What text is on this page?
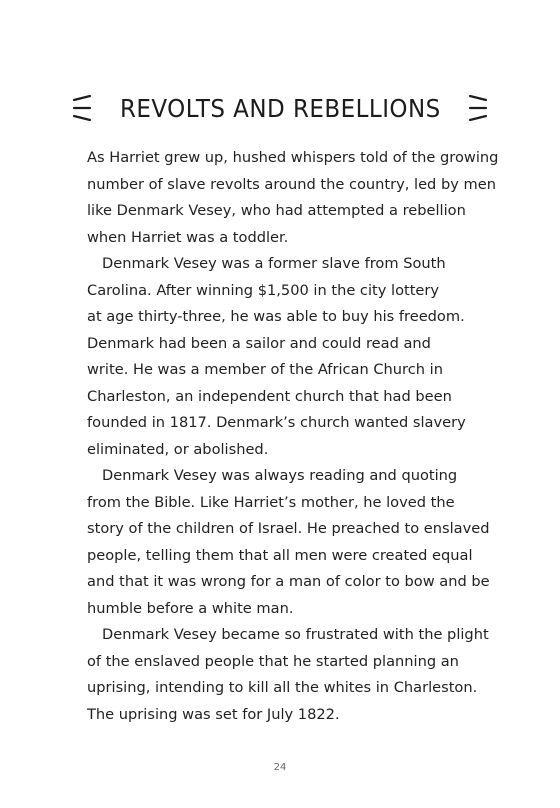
REVOLTS AND REBELLIONS

As Harriet grew up, hushed whispers told of the growing
number of slave revolts around the country, led by men
like Denmark Vesey, who had attempted a rebellion
when Harriet was a toddler.

Denmark Vesey was a former slave from South
Carolina. After winning $1,500 in the city lottery
at age thirty-three, he was able to buy his freedom.
Denmark had been a sailor and could read and
write. He was a member of the African Church in
Charleston, an independent church that had been
founded in 1817. Denmark’s church wanted slavery
eliminated, or abolished.

Denmark Vesey was always reading and quoting
from the Bible. Like Harriet’s mother, he loved the
story of the children of Israel. He preached to enslaved
people, telling them that all men were created equal
and that it was wrong for a man of color to bow and be
humble before a white man.

Denmark Vesey became so frustrated with the plight
of the enslaved people that he started planning an
uprising, intending to kill all the whites in Charleston.
The uprising was set for July 1822.

24
